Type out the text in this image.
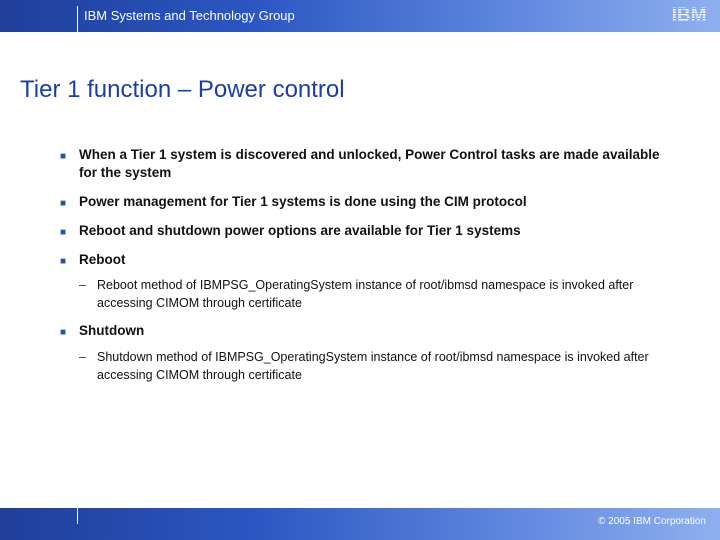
IBM Systems and Technology Group	IBM
Tier 1 function – Power control
■ When a Tier 1 system is discovered and unlocked, Power Control tasks are made available for the system
■ Power management for Tier 1 systems is done using the CIM protocol
■ Reboot and shutdown power options are available for Tier 1 systems
■ Reboot
– Reboot method of IBMPSG_OperatingSystem instance of root/ibmsd namespace is invoked after accessing CIMOM through certificate
■ Shutdown
– Shutdown method of IBMPSG_OperatingSystem instance of root/ibmsd namespace is invoked after accessing CIMOM through certificate
© 2005 IBM Corporation
